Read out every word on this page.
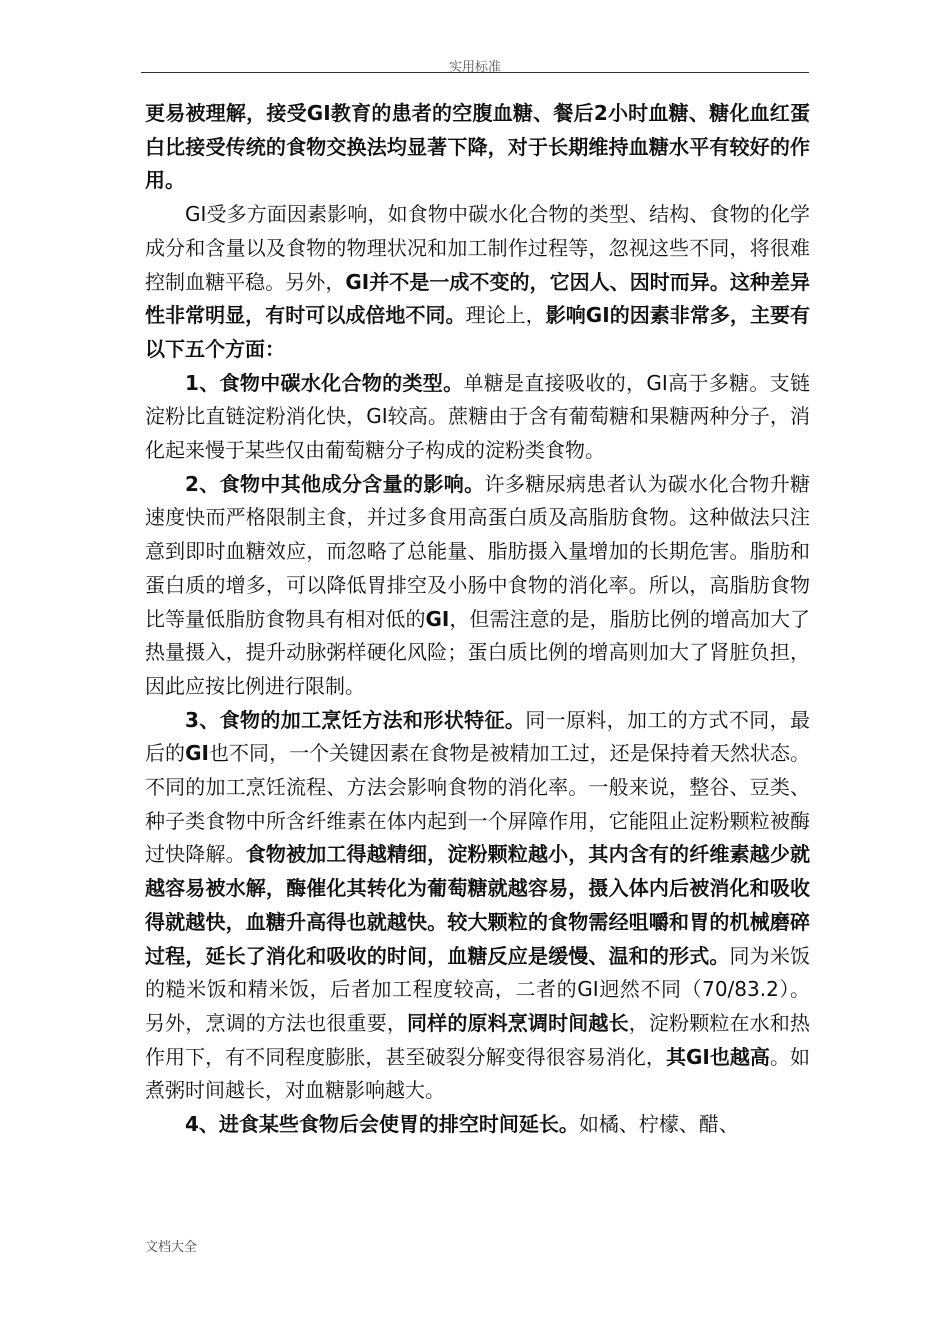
实用标准

更易被理解，接受GI教育的患者的空腹血糖、餐后2小时血糖、糖化血红蛋白比接受传统的食物交换法均显著下降，对于长期维持血糖水平有较好的作用。

GI受多方面因素影响，如食物中碳水化合物的类型、结构、食物的化学成分和含量以及食物的物理状况和加工制作过程等，忽视这些不同，将很难控制血糖平稳。另外，GI并不是一成不变的，它因人、因时而异。这种差异性非常明显，有时可以成倍地不同。理论上，影响GI的因素非常多，主要有以下五个方面：

1、食物中碳水化合物的类型。单糖是直接吸收的，GI高于多糖。支链淀粉比直链淀粉消化快，GI较高。蔗糖由于含有葡萄糖和果糖两种分子，消化起来慢于某些仅由葡萄糖分子构成的淀粉类食物。

2、食物中其他成分含量的影响。许多糖尿病患者认为碳水化合物升糖速度快而严格限制主食，并过多食用高蛋白质及高脂肪食物。这种做法只注意到即时血糖效应，而忽略了总能量、脂肪摄入量增加的长期危害。脂肪和蛋白质的增多，可以降低胃排空及小肠中食物的消化率。所以，高脂肪食物比等量低脂肪食物具有相对低的GI，但需注意的是，脂肪比例的增高加大了热量摄入，提升动脉粥样硬化风险；蛋白质比例的增高则加大了肾脏负担，因此应按比例进行限制。

3、食物的加工烹饪方法和形状特征。同一原料，加工的方式不同，最后的GI也不同，一个关键因素在食物是被精加工过，还是保持着天然状态。不同的加工烹饪流程、方法会影响食物的消化率。一般来说，整谷、豆类、种子类食物中所含纤维素在体内起到一个屏障作用，它能阻止淀粉颗粒被酶过快降解。食物被加工得越精细，淀粉颗粒越小，其内含有的纤维素越少就越容易被水解，酶催化其转化为葡萄糖就越容易，摄入体内后被消化和吸收得就越快，血糖升高得也就越快。较大颗粒的食物需经咀嚼和胃的机械磨碎过程，延长了消化和吸收的时间，血糖反应是缓慢、温和的形式。同为米饭的糙米饭和精米饭，后者加工程度较高，二者的GI迥然不同（70/83.2）。另外，烹调的方法也很重要，同样的原料烹调时间越长，淀粉颗粒在水和热作用下，有不同程度膨胀，甚至破裂分解变得很容易消化，其GI也越高。如煮粥时间越长，对血糖影响越大。

4、进食某些食物后会使胃的排空时间延长。如橘、柠檬、醋、

文档大全
